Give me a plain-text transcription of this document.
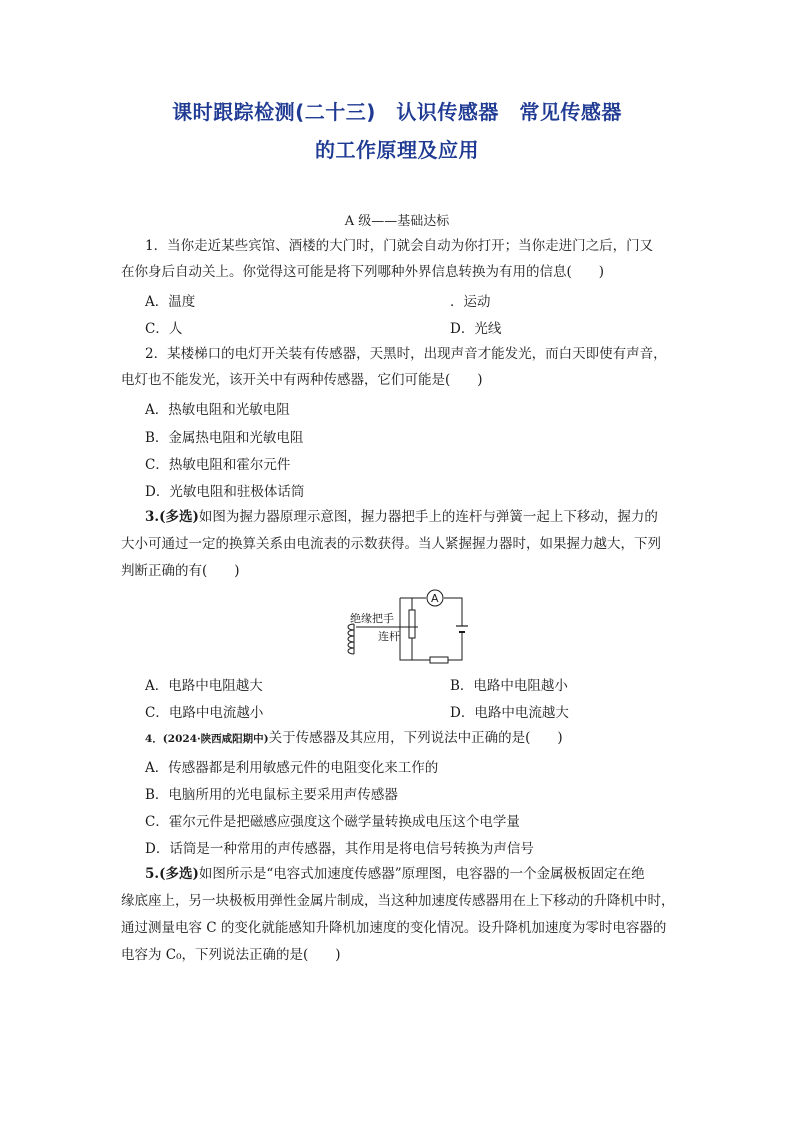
课时跟踪检测(二十三)　认识传感器　常见传感器
的工作原理及应用
A 级——基础达标
1．当你走近某些宾馆、酒楼的大门时，门就会自动为你打开；当你走进门之后，门又
在你身后自动关上。你觉得这可能是将下列哪种外界信息转换为有用的信息(　　)
A．温度	．运动
C．人	D．光线
2．某楼梯口的电灯开关装有传感器，天黑时，出现声音才能发光，而白天即使有声音，
电灯也不能发光，该开关中有两种传感器，它们可能是(　　)
A．热敏电阻和光敏电阻
B．金属热电阻和光敏电阻
C．热敏电阻和霍尔元件
D．光敏电阻和驻极体话筒
3.(多选)如图为握力器原理示意图，握力器把手上的连杆与弹簧一起上下移动，握力的
大小可通过一定的换算关系由电流表的示数获得。当人紧握握力器时，如果握力越大，下列
判断正确的有(　　)
绝缘把手
连杆
A
A．电路中电阻越大	B．电路中电阻越小
C．电路中电流越小	D．电路中电流越大
4．(2024·陕西咸阳期中)关于传感器及其应用，下列说法中正确的是(　　)
A．传感器都是利用敏感元件的电阻变化来工作的
B．电脑所用的光电鼠标主要采用声传感器
C．霍尔元件是把磁感应强度这个磁学量转换成电压这个电学量
D．话筒是一种常用的声传感器，其作用是将电信号转换为声信号
5.(多选)如图所示是“电容式加速度传感器”原理图，电容器的一个金属极板固定在绝
缘底座上，另一块极板用弹性金属片制成，当这种加速度传感器用在上下移动的升降机中时，
通过测量电容 C 的变化就能感知升降机加速度的变化情况。设升降机加速度为零时电容器的
电容为 C₀，下列说法正确的是(　　)
